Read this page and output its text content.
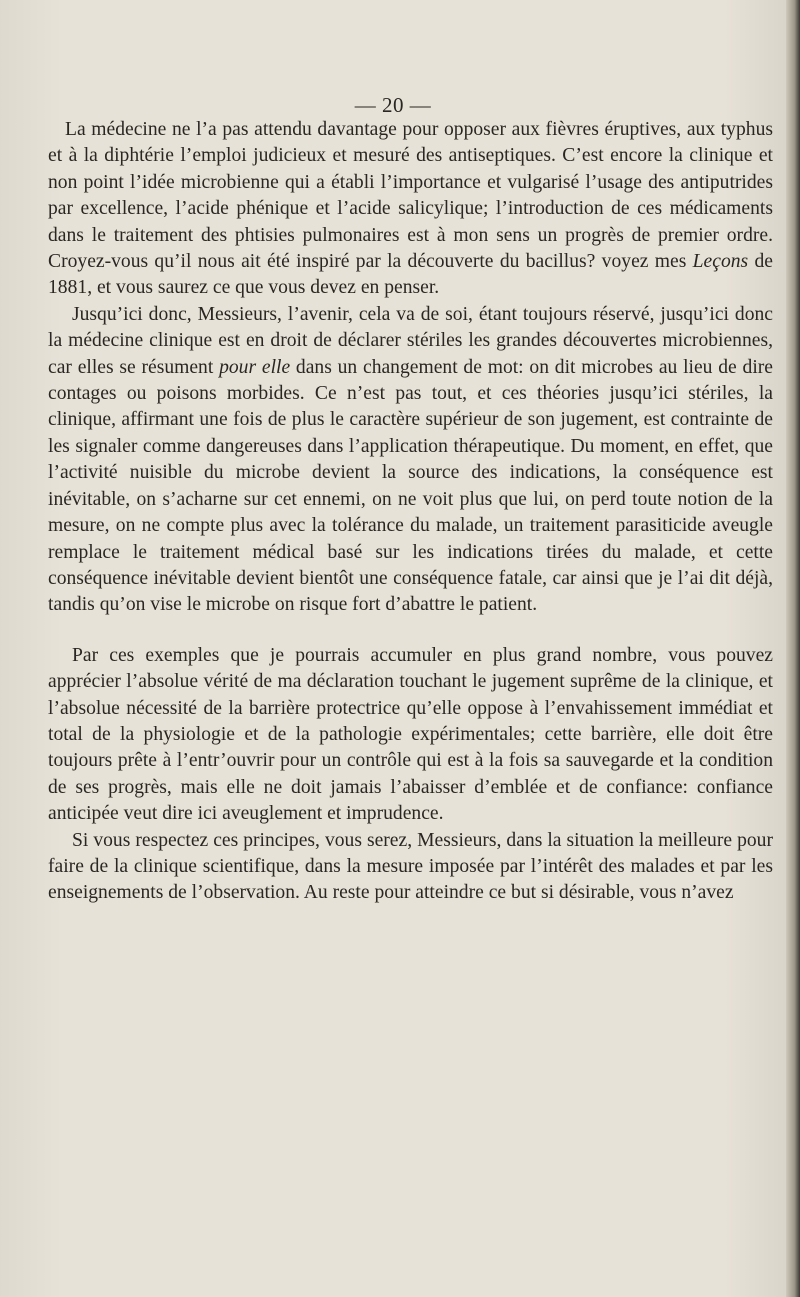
— 20 —

La médecine ne l’a pas attendu davantage pour opposer aux fièvres éruptives, aux typhus et à la diphtérie l’emploi judicieux et mesuré des antiseptiques. C’est encore la clinique et non point l’idée microbienne qui a établi l’importance et vulgarisé l’usage des antiputrides par excellence, l’acide phénique et l’acide salicylique; l’introduction de ces médicaments dans le traitement des phtisies pulmonaires est à mon sens un progrès de premier ordre. Croyez-vous qu’il nous ait été inspiré par la découverte du bacillus? voyez mes Leçons de 1881, et vous saurez ce que vous devez en penser.

Jusqu’ici donc, Messieurs, l’avenir, cela va de soi, étant toujours réservé, jusqu’ici donc la médecine clinique est en droit de déclarer stériles les grandes découvertes microbiennes, car elles se résument pour elle dans un changement de mot: on dit microbes au lieu de dire contages ou poisons morbides. Ce n’est pas tout, et ces théories jusqu’ici stériles, la clinique, affirmant une fois de plus le caractère supérieur de son jugement, est contrainte de les signaler comme dangereuses dans l’application thérapeutique. Du moment, en effet, que l’activité nuisible du microbe devient la source des indications, la conséquence est inévitable, on s’acharne sur cet ennemi, on ne voit plus que lui, on perd toute notion de la mesure, on ne compte plus avec la tolérance du malade, un traitement parasiticide aveugle remplace le traitement médical basé sur les indications tirées du malade, et cette conséquence inévitable devient bientôt une conséquence fatale, car ainsi que je l’ai dit déjà, tandis qu’on vise le microbe on risque fort d’abattre le patient.

Par ces exemples que je pourrais accumuler en plus grand nombre, vous pouvez apprécier l’absolue vérité de ma déclaration touchant le jugement suprême de la clinique, et l’absolue nécessité de la barrière protectrice qu’elle oppose à l’envahissement immédiat et total de la physiologie et de la pathologie expérimentales; cette barrière, elle doit être toujours prête à l’entr’ouvrir pour un contrôle qui est à la fois sa sauvegarde et la condition de ses progrès, mais elle ne doit jamais l’abaisser d’emblée et de confiance: confiance anticipée veut dire ici aveuglement et imprudence.

Si vous respectez ces principes, vous serez, Messieurs, dans la situation la meilleure pour faire de la clinique scientifique, dans la mesure imposée par l’intérêt des malades et par les enseignements de l’observation. Au reste pour atteindre ce but si désirable, vous n’avez
